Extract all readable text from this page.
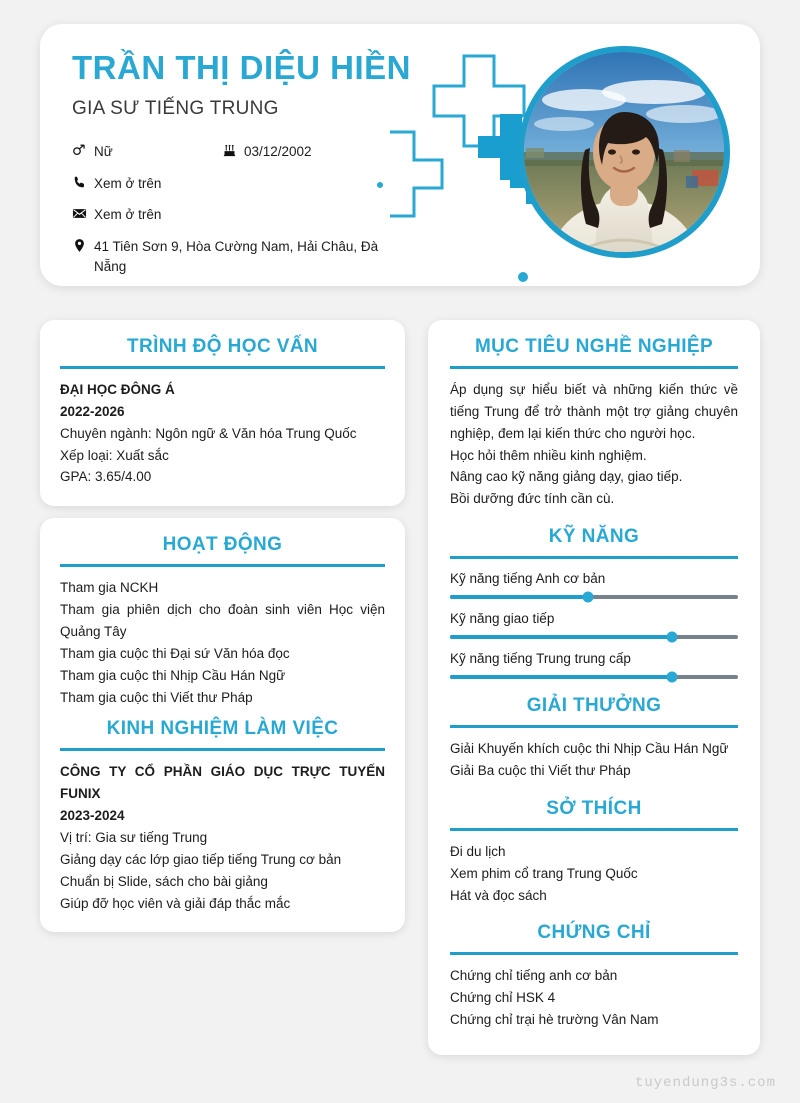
TRẦN THỊ DIỆU HIỀN
GIA SƯ TIẾNG TRUNG
Nữ	03/12/2002
Xem ở trên
Xem ở trên
41 Tiên Sơn 9, Hòa Cường Nam, Hải Châu, Đà Nẵng
TRÌNH ĐỘ HỌC VẤN
ĐẠI HỌC ĐÔNG Á
2022-2026
Chuyên ngành: Ngôn ngữ & Văn hóa Trung Quốc
Xếp loại: Xuất sắc
GPA: 3.65/4.00
HOẠT ĐỘNG
Tham gia NCKH
Tham gia phiên dịch cho đoàn sinh viên Học viện Quảng Tây
Tham gia cuộc thi Đại sứ Văn hóa đọc
Tham gia cuộc thi Nhịp Cầu Hán Ngữ
Tham gia cuộc thi Viết thư Pháp
KINH NGHIỆM LÀM VIỆC
CÔNG TY CỔ PHẦN GIÁO DỤC TRỰC TUYẾN FUNIX
2023-2024
Vị trí: Gia sư tiếng Trung
Giảng dạy các lớp giao tiếp tiếng Trung cơ bản
Chuẩn bị Slide, sách cho bài giảng
Giúp đỡ học viên và giải đáp thắc mắc
MỤC TIÊU NGHỀ NGHIỆP
Áp dụng sự hiểu biết và những kiến thức về tiếng Trung để trở thành một trợ giảng chuyên nghiệp, đem lại kiến thức cho người học.
Học hỏi thêm nhiều kinh nghiệm.
Nâng cao kỹ năng giảng dạy, giao tiếp.
Bồi dưỡng đức tính cần cù.
KỸ NĂNG
Kỹ năng tiếng Anh cơ bản
Kỹ năng giao tiếp
Kỹ năng tiếng Trung trung cấp
GIẢI THƯỞNG
Giải Khuyến khích cuộc thi Nhịp Cầu Hán Ngữ
Giải Ba cuộc thi Viết thư Pháp
SỞ THÍCH
Đi du lịch
Xem phim cổ trang Trung Quốc
Hát và đọc sách
CHỨNG CHỈ
Chứng chỉ tiếng anh cơ bản
Chứng chỉ HSK 4
Chứng chỉ trại hè trường Vân Nam
tuyendung3s.com
